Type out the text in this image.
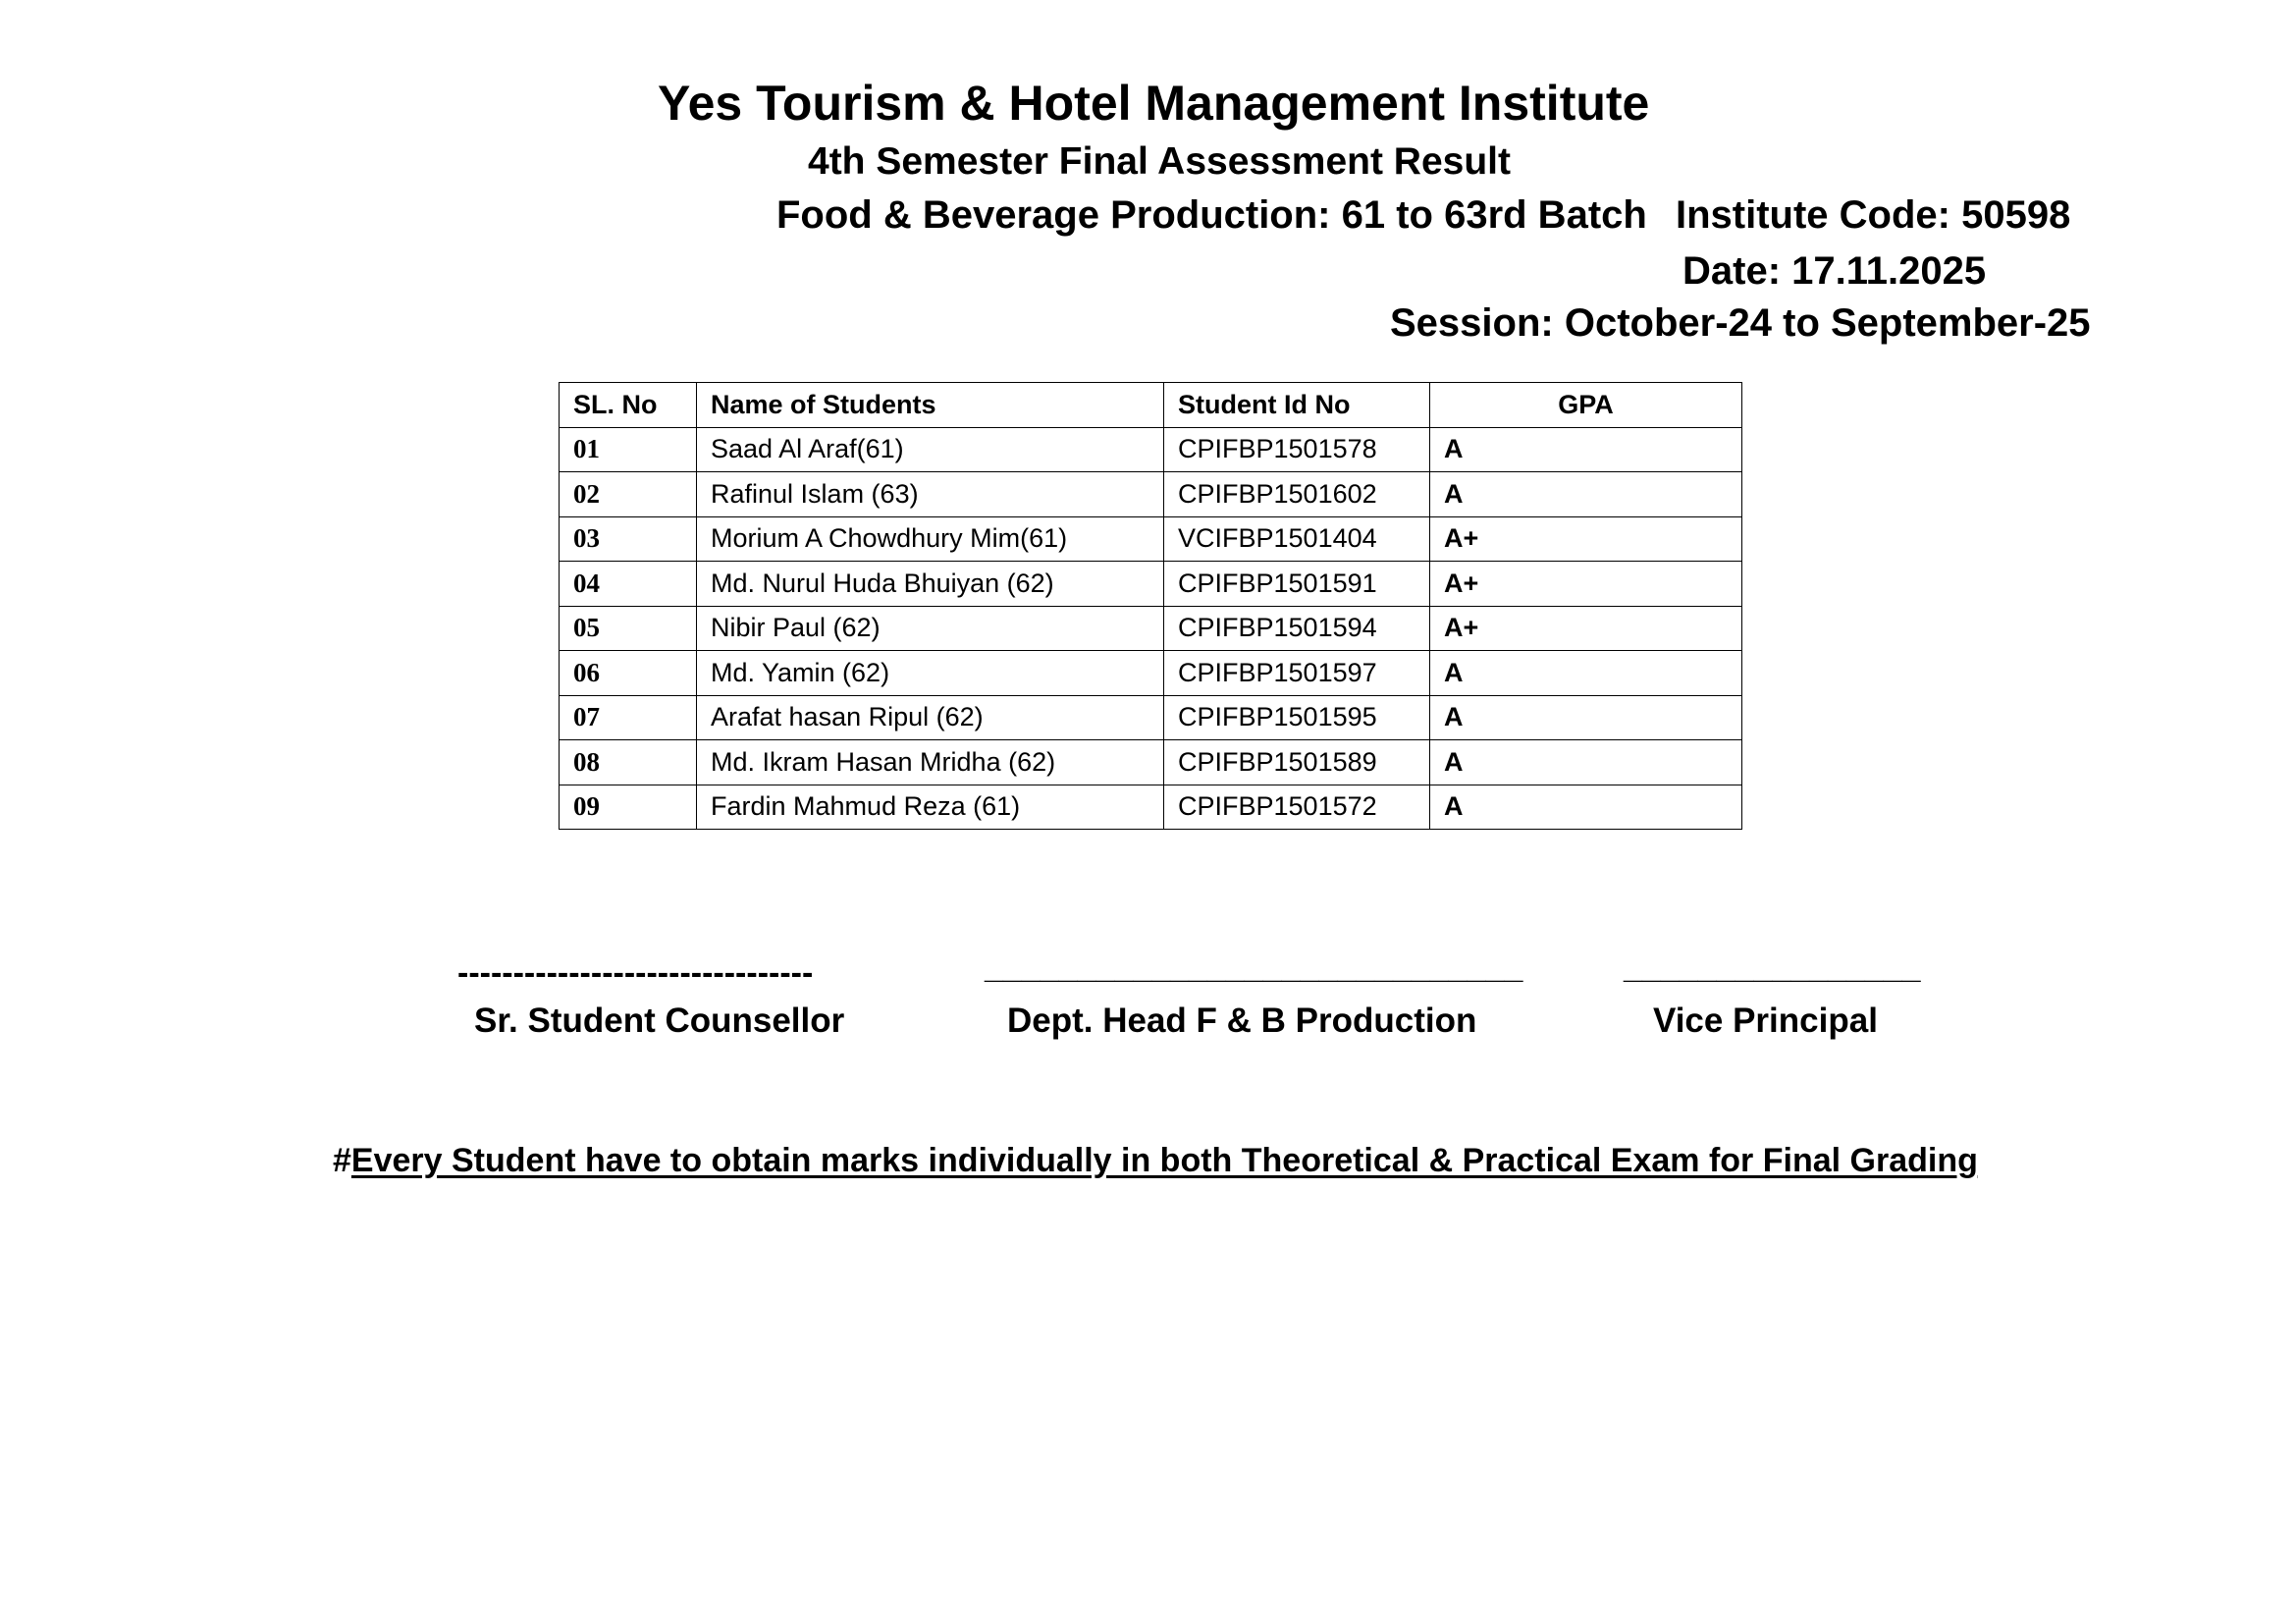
Yes Tourism & Hotel Management Institute
4th Semester Final Assessment Result
Food & Beverage Production: 61 to 63rd Batch Institute Code: 50598
Date: 17.11.2025
Session: October-24 to September-25
SL. No	Name of Students	Student Id No	GPA
01	Saad Al Araf(61)	CPIFBP1501578	A
02	Rafinul Islam (63)	CPIFBP1501602	A
03	Morium A Chowdhury Mim(61)	VCIFBP1501404	A+
04	Md. Nurul Huda Bhuiyan (62)	CPIFBP1501591	A+
05	Nibir Paul (62)	CPIFBP1501594	A+
06	Md. Yamin (62)	CPIFBP1501597	A
07	Arafat hasan Ripul (62)	CPIFBP1501595	A
08	Md. Ikram Hasan Mridha (62)	CPIFBP1501589	A
09	Fardin Mahmud Reza (61)	CPIFBP1501572	A
--------------------------------
Sr. Student Counsellor
_____________________________
Dept. Head F & B Production
________________
Vice Principal
#Every Student have to obtain marks individually in both Theoretical & Practical Exam for Final Grading
